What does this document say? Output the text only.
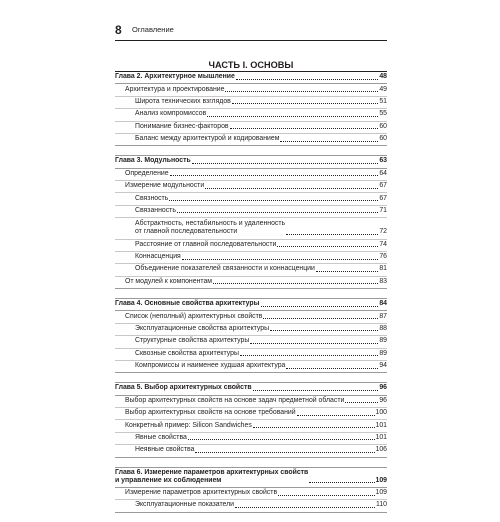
8 Оглавление
ЧАСТЬ I. ОСНОВЫ
Глава 2. Архитектурное мышление	48
Архитектура и проектирование	49
Широта технических взглядов	51
Анализ компромиссов	55
Понимание бизнес-факторов	60
Баланс между архитектурой и кодированием	60
Глава 3. Модульность	63
Определение	64
Измерение модульности	67
Связность	67
Связанность	71
Абстрактность, нестабильность и удаленность
от главной последовательности	72
Расстояние от главной последовательности	74
Коннасценция	76
Объединение показателей связанности и коннасценции	81
От модулей к компонентам	83
Глава 4. Основные свойства архитектуры	84
Список (неполный) архитектурных свойств	87
Эксплуатационные свойства архитектуры	88
Структурные свойства архитектуры	89
Сквозные свойства архитектуры	89
Компромиссы и наименее худшая архитектура	94
Глава 5. Выбор архитектурных свойств	96
Выбор архитектурных свойств на основе задач предметной области	96
Выбор архитектурных свойств на основе требований	100
Конкретный пример: Silicon Sandwiches	101
Явные свойства	101
Неявные свойства	106
Глава 6. Измерение параметров архитектурных свойств
и управление их соблюдением	109
Измерение параметров архитектурных свойств	109
Эксплуатационные показатели	110
